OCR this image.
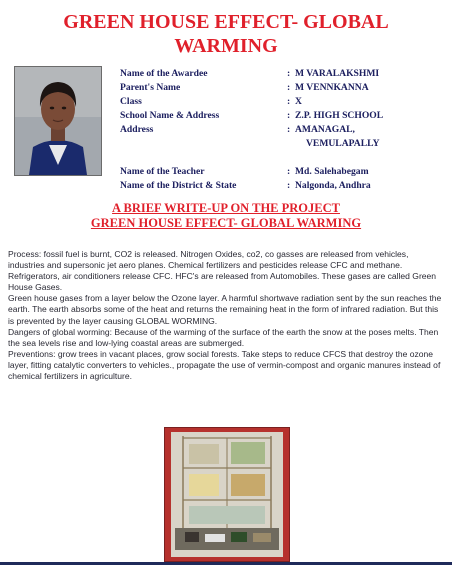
GREEN HOUSE EFFECT- GLOBAL
WARMING
Name of the Awardee
Parent's Name
Class
School Name & Address
Address
Name of the Teacher
Name of the District & State
: M VARALAKSHMI
: M VENNKANNA
: X
: Z.P. HIGH SCHOOL
: AMANAGAL,
VEMULAPALLY
: Md. Salehabegam
: Nalgonda, Andhra
A BRIEF WRITE-UP ON THE PROJECT
GREEN HOUSE EFFECT- GLOBAL WARMING

Process: fossil fuel is burnt, CO2 is released. Nitrogen Oxides, co2, co gasses are released from vehicles, industries and supersonic jet aero planes. Chemical fertilizers and pesticides release CFC and methane. Refrigerators, air conditioners release CFC. HFC's are released from Automobiles. These gases are called Green House Gases.

Green house gases from a layer below the Ozone layer. A harmful shortwave radiation sent by the sun reaches the earth. The earth absorbs some of the heat and returns the remaining heat in the form of infrared radiation. But this is prevented by the layer causing GLOBAL WORMING.

Dangers of global worming: Because of the warming of the surface of the earth the snow at the poses melts. Then the sea levels rise and low-lying coastal areas are submerged.

Preventions: grow trees in vacant places, grow social forests. Take steps to reduce CFCS that destroy the ozone layer, fitting catalytic converters to vehicles., propagate the use of vermin-compost and organic manures instead of chemical fertilizers in agriculture.
